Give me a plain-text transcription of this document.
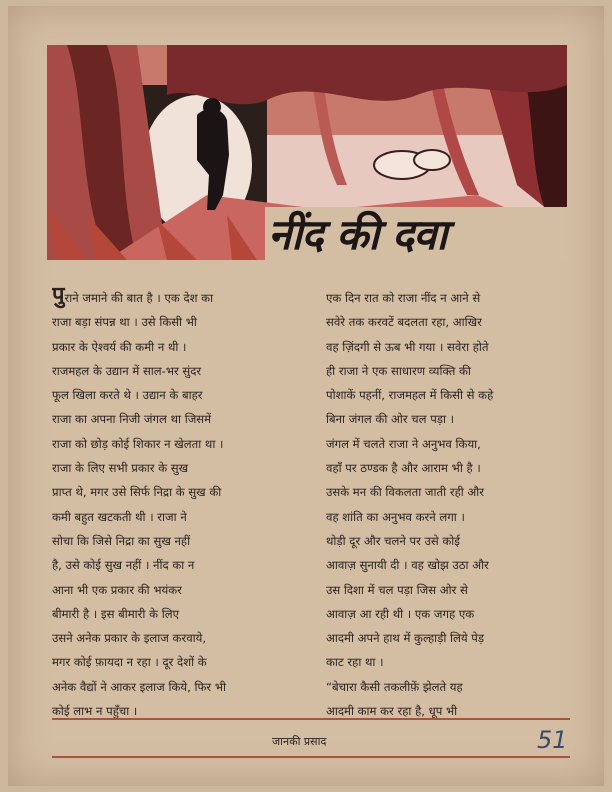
नींद की दवा

पुराने जमाने की बात है । एक देश का
राजा बड़ा संपन्न था । उसे किसी भी
प्रकार के ऐश्वर्य की कमी न थी ।
राजमहल के उद्यान में साल-भर सुंदर
फूल खिला करते थे । उद्यान के बाहर
राजा का अपना निजी जंगल था जिसमें
राजा को छोड़ कोई शिकार न खेलता था ।

राजा के लिए सभी प्रकार के सुख
प्राप्त थे, मगर उसे सिर्फ निद्रा के सुख की
कमी बहुत खटकती थी । राजा ने
सोचा कि जिसे निद्रा का सुख नहीं
है, उसे कोई सुख नहीं । नींद का न
आना भी एक प्रकार की भयंकर
बीमारी है । इस बीमारी के लिए
उसने अनेक प्रकार के इलाज करवाये,
मगर कोई फ़ायदा न रहा । दूर देशों के
अनेक वैद्यों ने आकर इलाज किये, फिर भी
कोई लाभ न पहुँचा ।

एक दिन रात को राजा नींद न आने से
सवेरे तक करवटें बदलता रहा, आखिर
वह ज़िंदगी से ऊब भी गया । सवेरा होते
ही राजा ने एक साधारण व्यक्ति की
पोशाकें पहनीं, राजमहल में किसी से कहे
बिना जंगल की ओर चल पड़ा ।

जंगल में चलते राजा ने अनुभव किया,
वहाँ पर ठण्डक है और आराम भी है ।
उसके मन की विकलता जाती रही और
वह शांति का अनुभव करने लगा ।

थोड़ी दूर और चलने पर उसे कोई
आवाज़ सुनायी दी । वह खोझ उठा और
उस दिशा में चल पड़ा जिस ओर से
आवाज़ आ रही थी । एक जगह एक
आदमी अपने हाथ में कुल्हाड़ी लिये पेड़
काट रहा था ।

“बेचारा कैसी तकलीफ़ें झेलते यह
आदमी काम कर रहा है, धूप भी

जानकी प्रसाद	51
